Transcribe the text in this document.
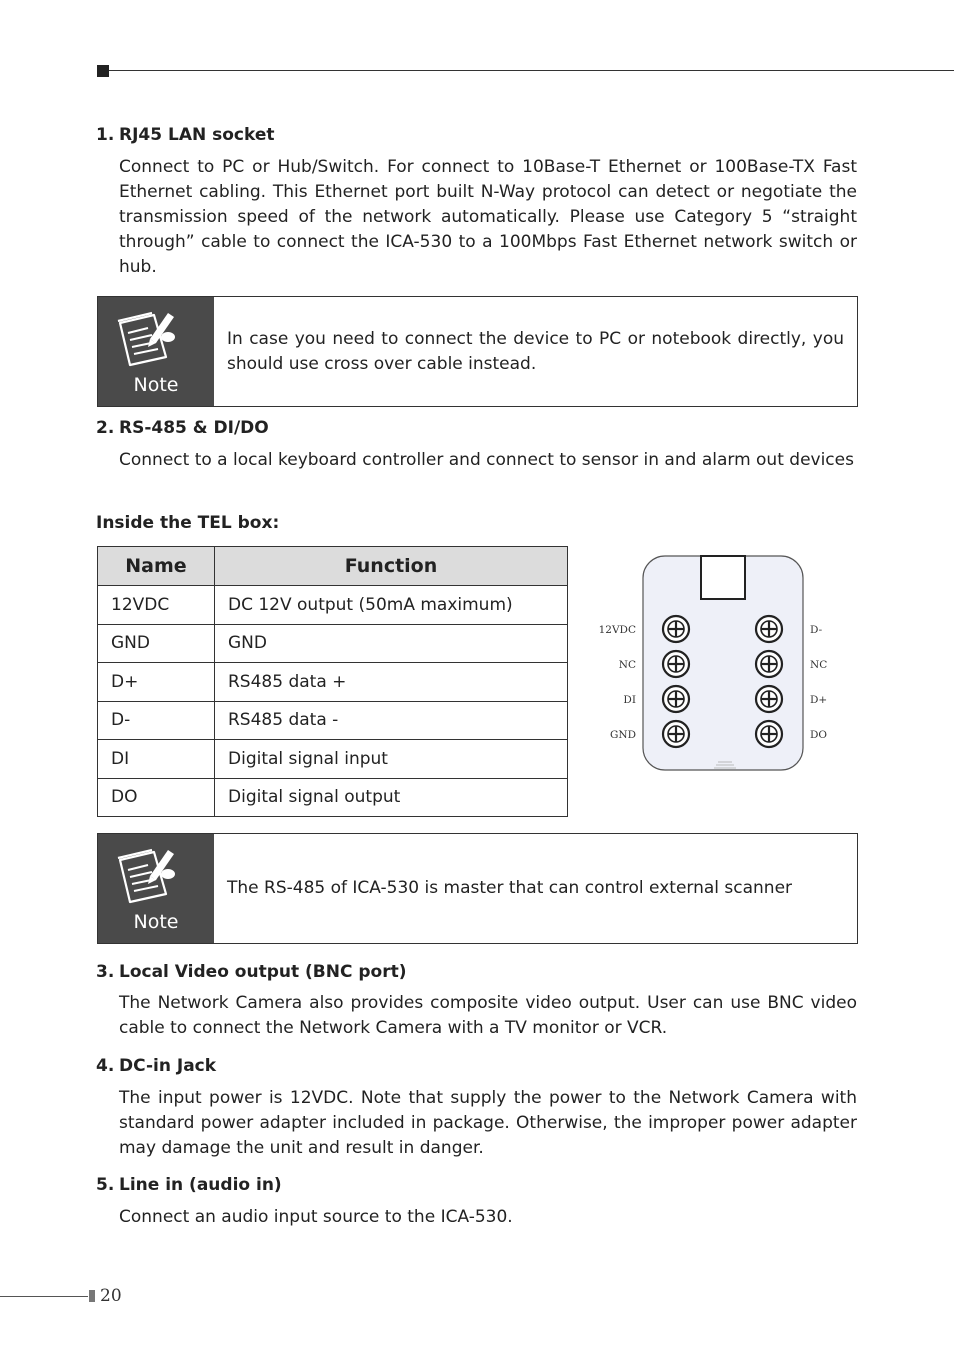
1. RJ45 LAN socket
Connect to PC or Hub/Switch. For connect to 10Base-T Ethernet or 100Base-TX Fast Ethernet cabling. This Ethernet port built N-Way protocol can detect or negotiate the transmission speed of the network automatically. Please use Category 5 “straight through” cable to connect the ICA-530 to a 100Mbps Fast Ethernet network switch or hub.
Note
In case you need to connect the device to PC or notebook directly, you should use cross over cable instead.
2. RS-485 & DI/DO
Connect to a local keyboard controller and connect to sensor in and alarm out devices
Inside the TEL box:
Name	Function
12VDC	DC 12V output (50mA maximum)
GND	GND
D+	RS485 data +
D-	RS485 data -
DI	Digital signal input
DO	Digital signal output
12VDC
NC
DI
GND
D-
NC
D+
DO
Note
The RS-485 of ICA-530 is master that can control external scanner
3. Local Video output (BNC port)
The Network Camera also provides composite video output. User can use BNC video cable to connect the Network Camera with a TV monitor or VCR.
4. DC-in Jack
The input power is 12VDC. Note that supply the power to the Network Camera with standard power adapter included in package. Otherwise, the improper power adapter may damage the unit and result in danger.
5. Line in (audio in)
Connect an audio input source to the ICA-530.
20
